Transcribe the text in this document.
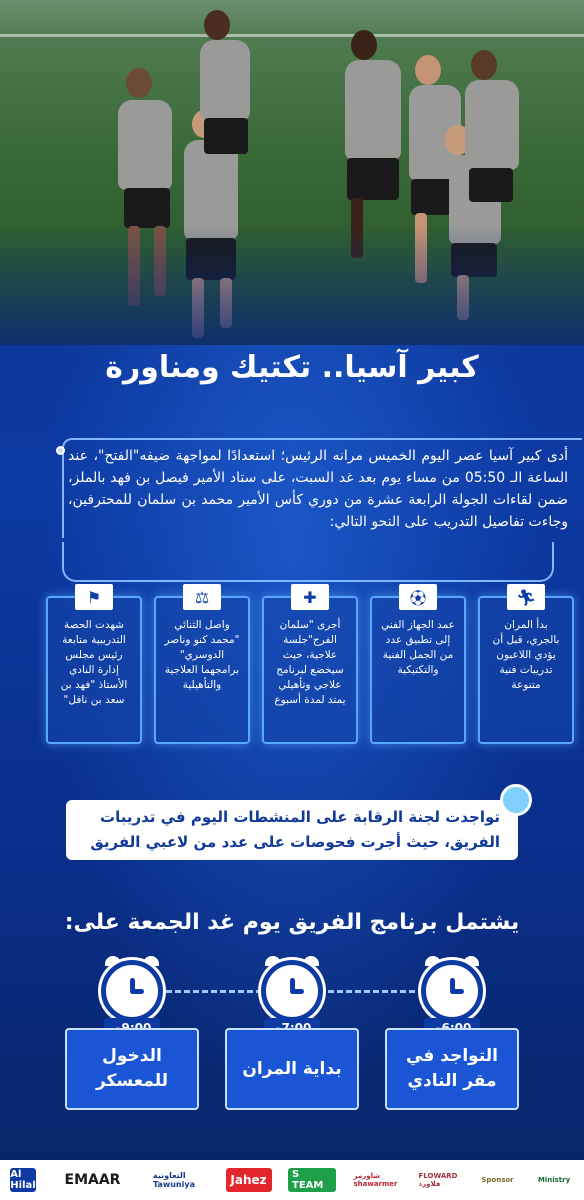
كبير آسيا.. تكتيك ومناورة
أدى كبير آسيا عصر اليوم الخميس مرانه الرئيس؛ استعدادًا لمواجهة ضيفه"الفتح"، عند الساعة الـ 05:50 من مساء يوم بعد غد السبت، على ستاد الأمير فيصل بن فهد بالملز، ضمن لقاءات الجولة الرابعة عشرة من دوري كأس الأمير محمد بن سلمان للمحترفين، وجاءت تفاصيل التدريب على النحو التالي:
🏃︎
بدأ المران بالجري، قبل أن يؤدي اللاعبون تدريبات فنية متنوعة
⚽︎
عمد الجهاز الفني إلى تطبيق عدد من الجمل الفنية والتكتيكية
✚
أجرى "سلمان الفرج"جلسة علاجية، حيث سيخضع لبرنامج علاجي وتأهيلي يمتد لمدة أسبوع
⚖︎
واصل الثنائي "محمد كنو وناصر الدوسري" برامجهما العلاجية والتأهيلية
⚑
شهدت الحصة التدريبية متابعة رئيس مجلس إدارة النادي الأستاذ "فهد بن سعد بن نافل"
تواجدت لجنة الرقابة على المنشطات اليوم في تدريبات الفريق، حيث أجرت فحوصات على عدد من لاعبي الفريق
يشتمل برنامج الفريق يوم غد الجمعة على:
التواجد في مقر النادي
بداية المران
الدخول للمعسكر
Al Hilal	EMAAR	التعاونية Tawuniya	Jahez	S TEAM
شاورمر shawarmer
FLOWARD فلاورد	Sponsor	Ministry
